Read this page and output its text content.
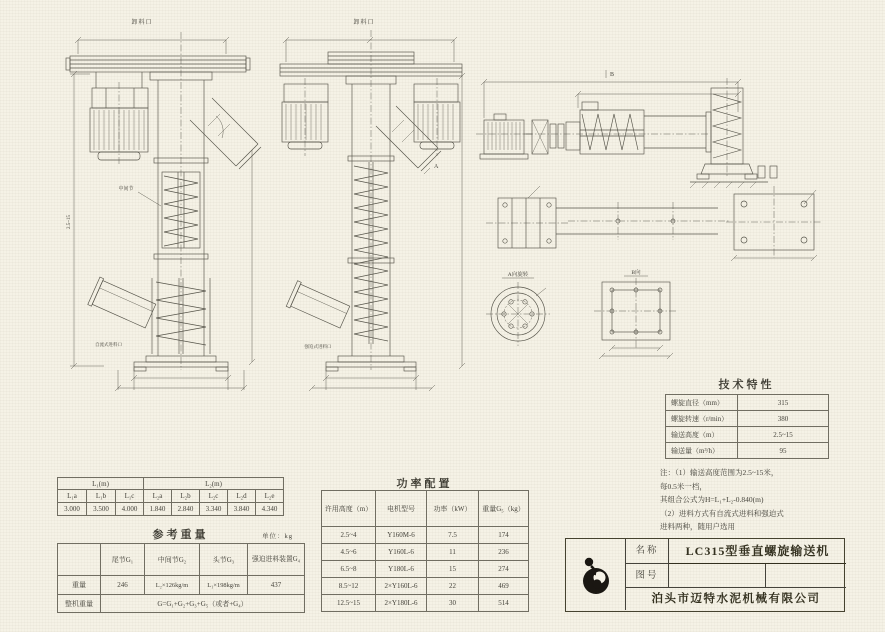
卸料口
2.5~15
中间节
自流式进料口
卸料口
A
强迫式进料口
B
A向旋转	B向
L₁(m)			L₂(m)				
L₁a	L₁b	L₁c	L₂a	L₂b	L₂c	L₂d	L₂e
3.000	3.500	4.000	1.840	2.840	3.340	3.840	4.340
参考重量	单位：kg
	尾节G₁	中间节G₂	头节G₃	强迫进料装置G₄
重量	246	L₂×126kg/m	L₁×198kg/m	437
整机重量	G=G₁+G₂+G₃+G₅（或者+G₄）			
功率配置
许用高度（m）	电机型号	功率（kW）	重量G₅（kg）
2.5~4	Y160M-6	7.5	174
4.5~6	Y160L-6	11	236
6.5~8	Y180L-6	15	274
8.5~12	2×Y160L-6	22	469
12.5~15	2×Y180L-6	30	514
技术特性
螺旋直径（mm）	315
螺旋转速（r/min）	380
输送高度（m）	2.5~15
输送量（m³/h）	95
注：（1）输送高度范围为2.5~15米，
每0.5米一档，
其组合公式为H=L₁+L₂-0.840(m)
（2）进料方式有自流式进料和强迫式
进料两种，随用户选用
名称	LC315型垂直螺旋输送机
图号
泊头市迈特水泥机械有限公司
